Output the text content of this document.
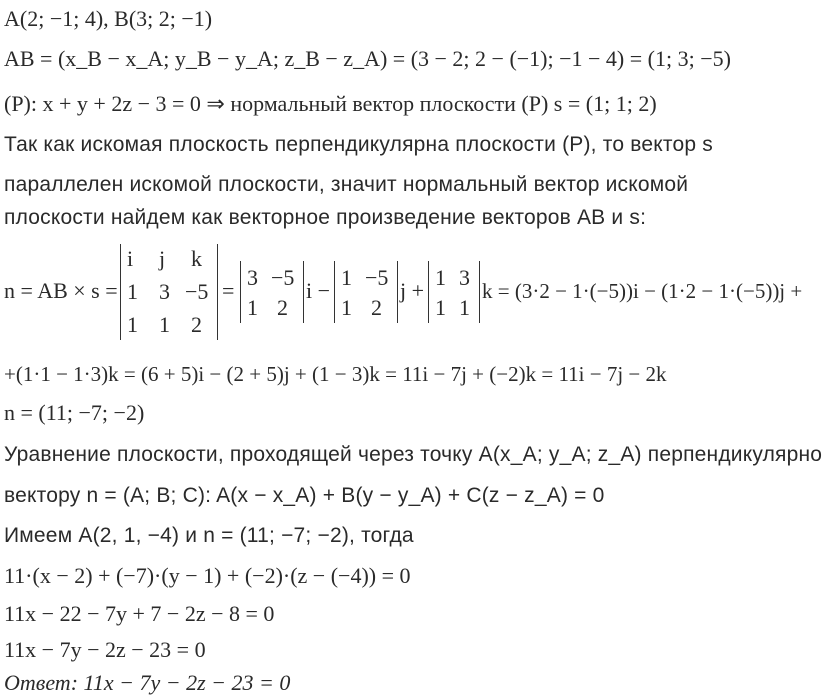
A(2; −1; 4), B(3; 2; −1)
AB = (x_B − x_A; y_B − y_A; z_B − z_A) = (3 − 2; 2 − (−1); −1 − 4) = (1; 3; −5)
(P): x + y + 2z − 3 = 0 ⇒ нормальный вектор плоскости (P) s = (1; 1; 2)
Так как искомая плоскость перпендикулярна плоскости (P), то вектор s
параллелен искомой плоскости, значит нормальный вектор искомой
плоскости найдем как векторное произведение векторов AB и s:
n = AB × s =
i j k
1 3 −5
1 1 2
=
3 −5
1 2
i −
1 −5
1 2
j +
1 3
1 1
k = (3·2 − 1·(−5))i − (1·2 − 1·(−5))j +
+(1·1 − 1·3)k = (6 + 5)i − (2 + 5)j + (1 − 3)k = 11i − 7j + (−2)k = 11i − 7j − 2k
n = (11; −7; −2)
Уравнение плоскости, проходящей через точку A(x_A; y_A; z_A) перпендикулярно
вектору n = (A; B; C): A(x − x_A) + B(y − y_A) + C(z − z_A) = 0
Имеем A(2, 1, −4) и n = (11; −7; −2), тогда
11·(x − 2) + (−7)·(y − 1) + (−2)·(z − (−4)) = 0
11x − 22 − 7y + 7 − 2z − 8 = 0
11x − 7y − 2z − 23 = 0
Ответ: 11x − 7y − 2z − 23 = 0
